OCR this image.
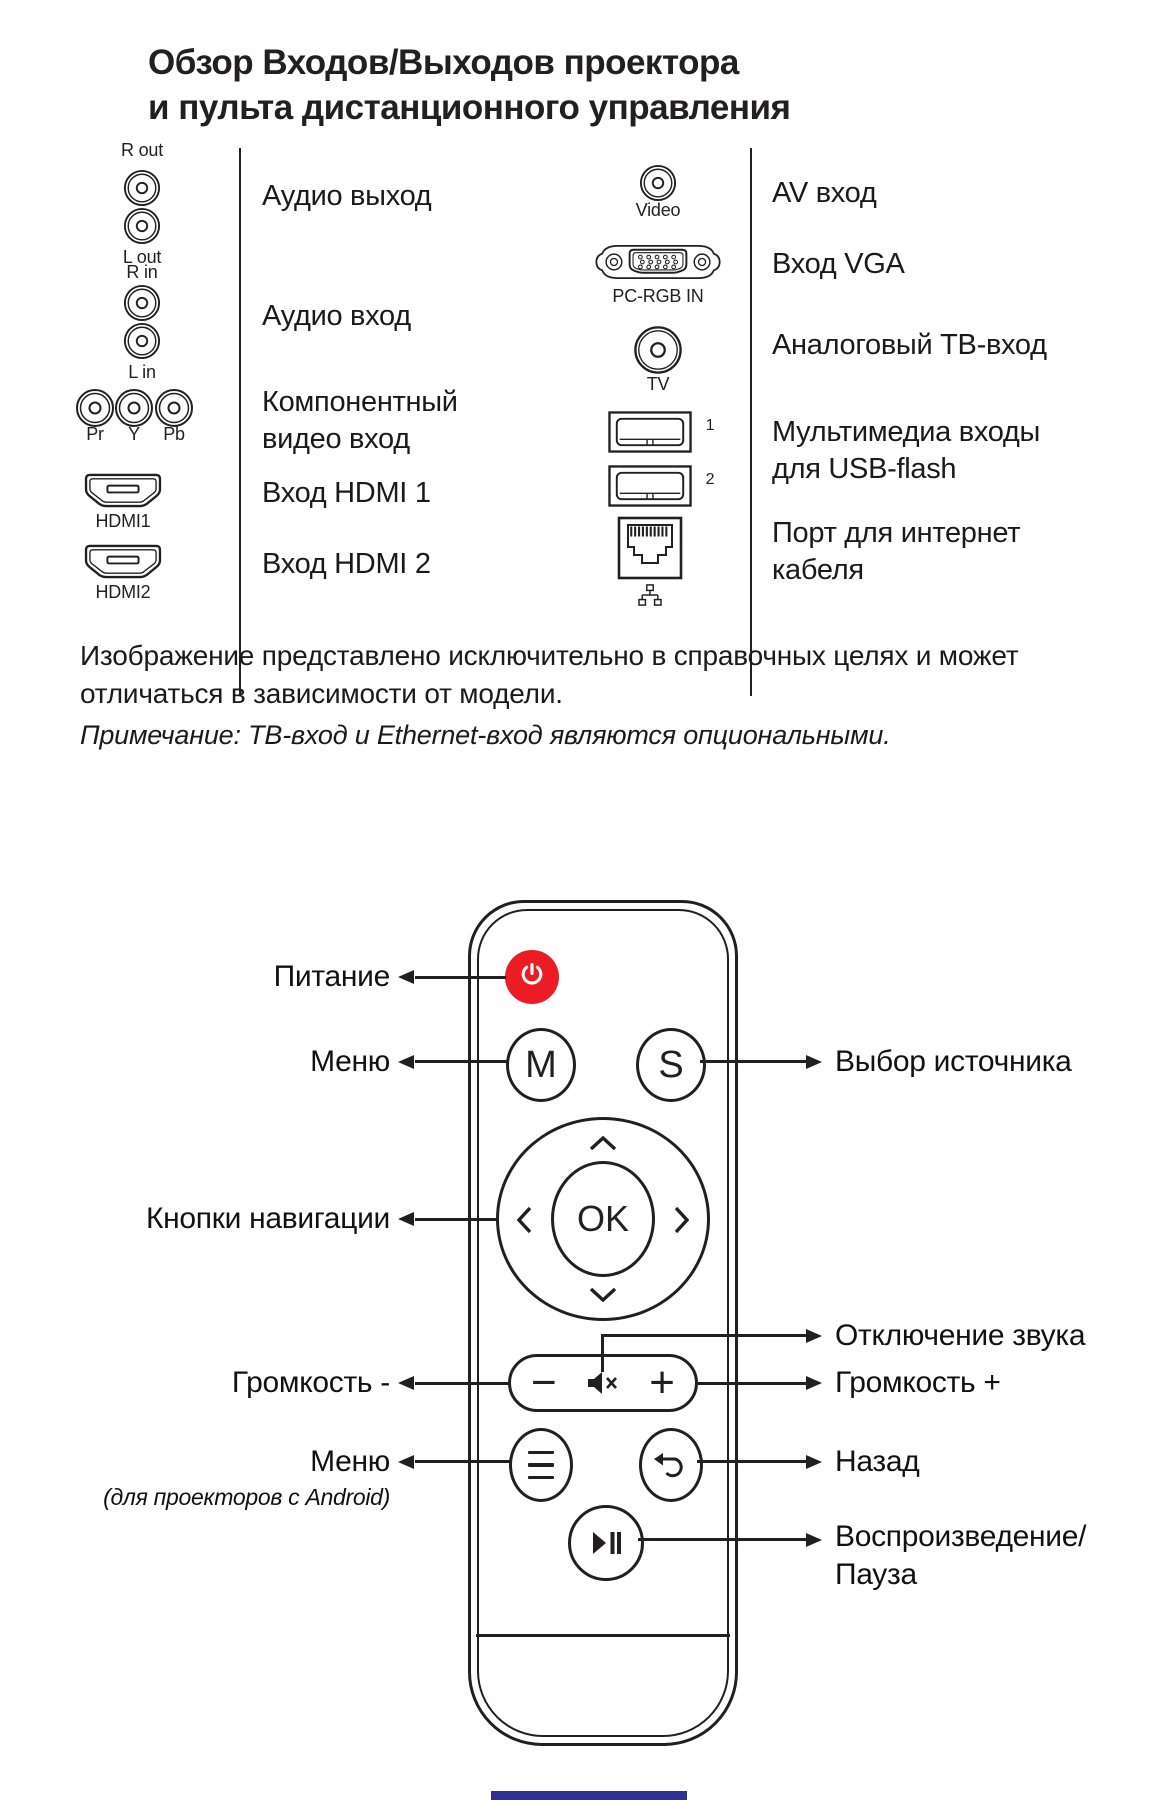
Обзор Входов/Выходов проектора
и пульта дистанционного управления
R out
L out
Аудио выход
R in
L in
Аудио вход
Pr	Y	Pb
Компонентный видео вход
HDMI1
Вход HDMI 1
HDMI2
Вход HDMI 2
Video
AV вход
PC-RGB IN
Вход VGA
TV
Аналоговый ТВ-вход
1
2
Мультимедиа входы для USB-flash
Порт для интернет кабеля
Изображение представлено исключительно в справочных целях и может отличаться в зависимости от модели.
Примечание: ТВ-вход и Ethernet-вход являются опциональными.
M	S
OK
− +
Питание
Меню
Кнопки навигации
Громкость -
Меню
(для проекторов с Android)
Выбор источника
Отключение звука
Громкость +
Назад
Воспроизведение/Пауза
